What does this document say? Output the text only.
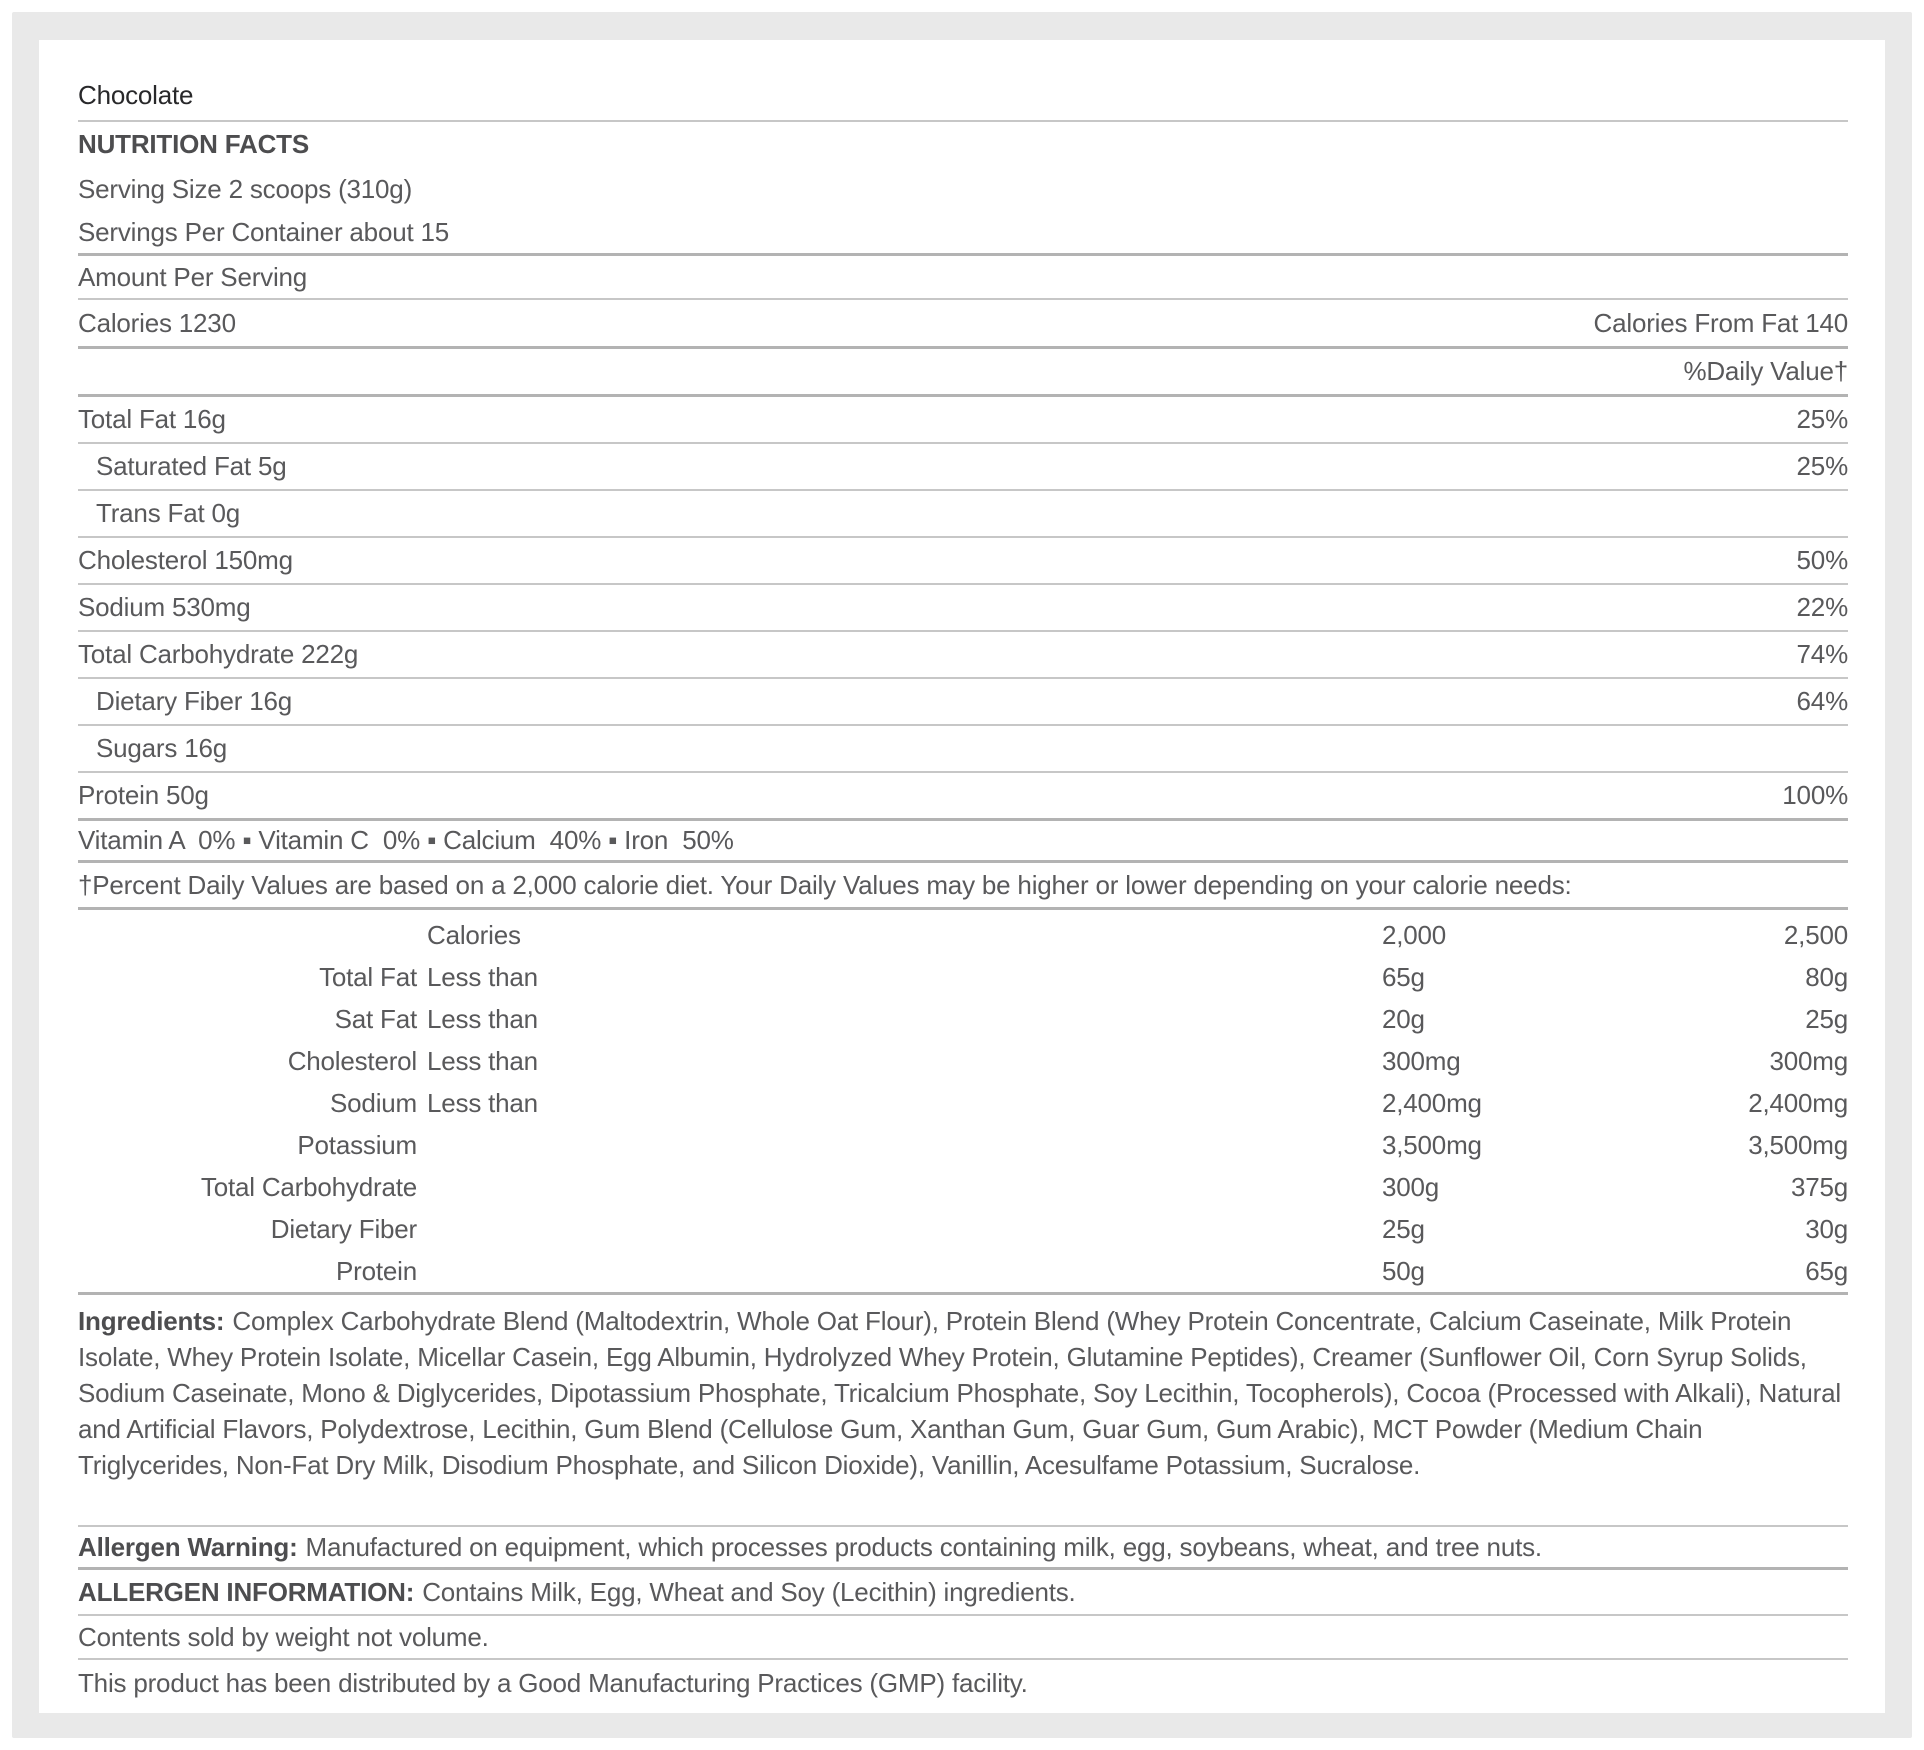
Chocolate
NUTRITION FACTS
Serving Size 2 scoops (310g)
Servings Per Container about 15
Amount Per Serving
Calories 1230	Calories From Fat 140
%Daily Value†
Total Fat 16g	25%
Saturated Fat 5g	25%
Trans Fat 0g
Cholesterol 150mg	50%
Sodium 530mg	22%
Total Carbohydrate 222g	74%
Dietary Fiber 16g	64%
Sugars 16g
Protein 50g	100%
Vitamin A  0% ▪ Vitamin C  0% ▪ Calcium  40% ▪ Iron  50%
†Percent Daily Values are based on a 2,000 calorie diet. Your Daily Values may be higher or lower depending on your calorie needs:
Calories	2,000	2,500
Total Fat Less than	65g	80g
Sat Fat Less than	20g	25g
Cholesterol Less than	300mg	300mg
Sodium Less than	2,400mg	2,400mg
Potassium	3,500mg	3,500mg
Total Carbohydrate	300g	375g
Dietary Fiber	25g	30g
Protein	50g	65g

Ingredients: Complex Carbohydrate Blend (Maltodextrin, Whole Oat Flour), Protein Blend (Whey Protein Concentrate, Calcium Caseinate, Milk Protein Isolate, Whey Protein Isolate, Micellar Casein, Egg Albumin, Hydrolyzed Whey Protein, Glutamine Peptides), Creamer (Sunflower Oil, Corn Syrup Solids, Sodium Caseinate, Mono & Diglycerides, Dipotassium Phosphate, Tricalcium Phosphate, Soy Lecithin, Tocopherols), Cocoa (Processed with Alkali), Natural and Artificial Flavors, Polydextrose, Lecithin, Gum Blend (Cellulose Gum, Xanthan Gum, Guar Gum, Gum Arabic), MCT Powder (Medium Chain Triglycerides, Non-Fat Dry Milk, Disodium Phosphate, and Silicon Dioxide), Vanillin, Acesulfame Potassium, Sucralose.

Allergen Warning: Manufactured on equipment, which processes products containing milk, egg, soybeans, wheat, and tree nuts.
ALLERGEN INFORMATION: Contains Milk, Egg, Wheat and Soy (Lecithin) ingredients.
Contents sold by weight not volume.
This product has been distributed by a Good Manufacturing Practices (GMP) facility.
